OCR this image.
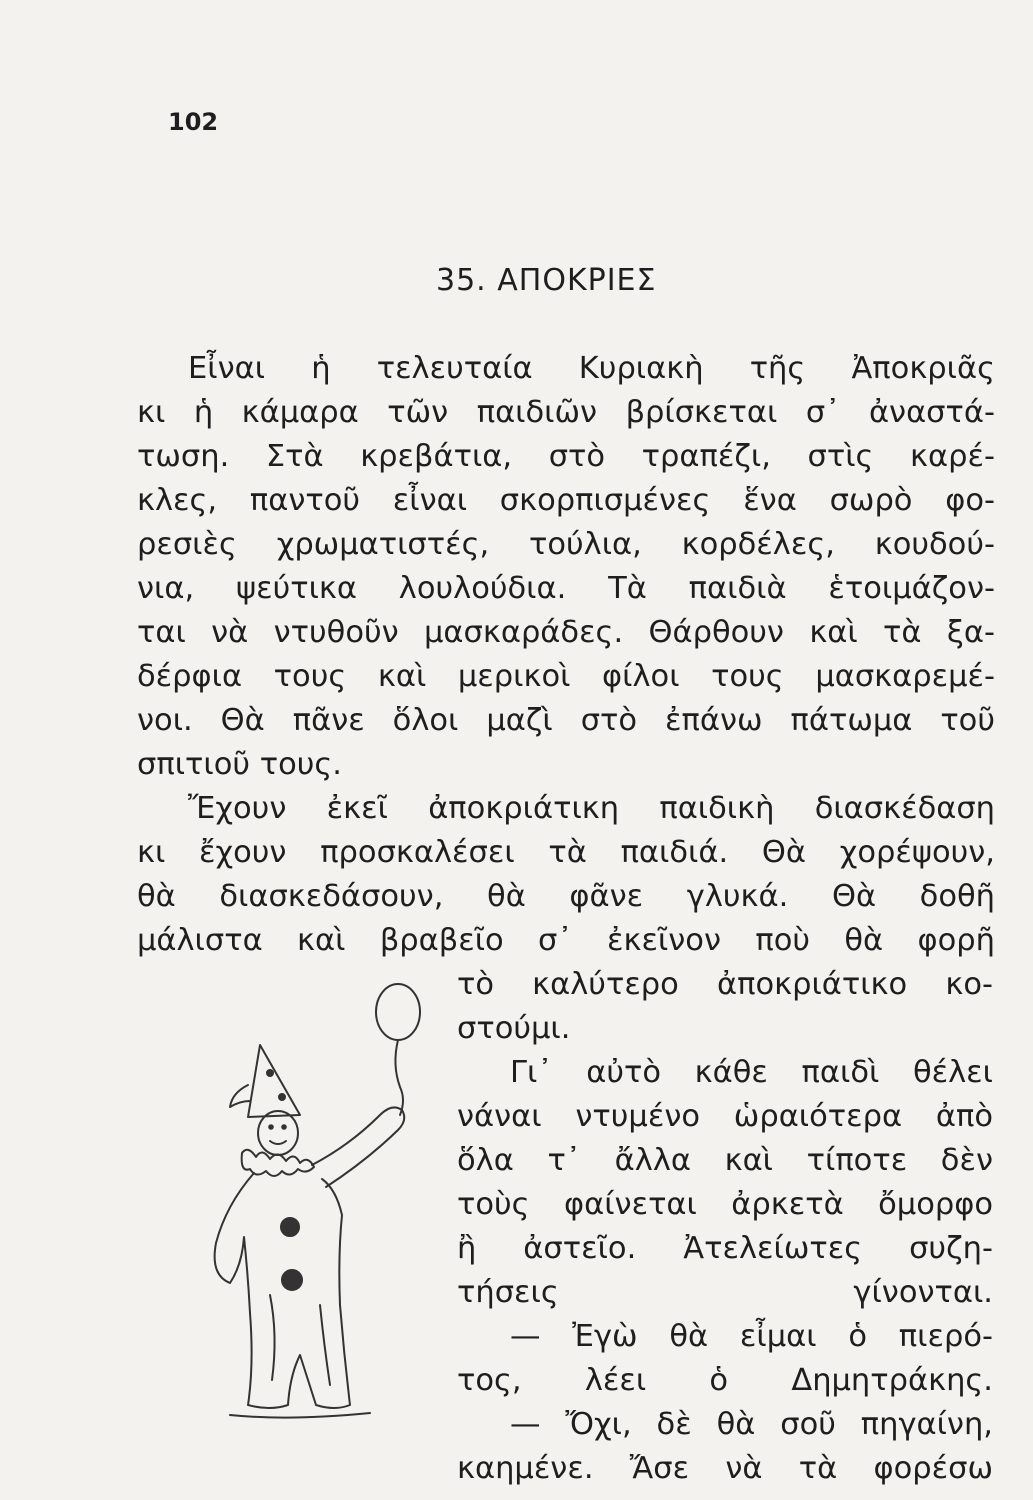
102
35. ΑΠΟΚΡΙΕΣ
Εἶναι ἡ τελευταία Κυριακὴ τῆς Ἀποκριᾶς
κι ἡ κάμαρα τῶν παιδιῶν βρίσκεται σ᾽ ἀναστά-
τωση. Στὰ κρεβάτια, στὸ τραπέζι, στὶς καρέ-
κλες, παντοῦ εἶναι σκορπισμένες ἕνα σωρὸ φο-
ρεσιὲς χρωματιστές, τούλια, κορδέλες, κουδού-
νια, ψεύτικα λουλούδια. Τὰ παιδιὰ ἑτοιμάζον-
ται νὰ ντυθοῦν μασκαράδες. Θάρθουν καὶ τὰ ξα-
δέρφια τους καὶ μερικοὶ φίλοι τους μασκαρεμέ-
νοι. Θὰ πᾶνε ὅλοι μαζὶ στὸ ἐπάνω πάτωμα τοῦ
σπιτιοῦ τους.
Ἔχουν ἐκεῖ ἀποκριάτικη παιδικὴ διασκέδαση
κι ἔχουν προσκαλέσει τὰ παιδιά. Θὰ χορέψουν,
θὰ διασκεδάσουν, θὰ φᾶνε γλυκά. Θὰ δοθῆ
μάλιστα καὶ βραβεῖο σ᾽ ἐκεῖνον ποὺ θὰ φορῆ
τὸ καλύτερο ἀποκριάτικο κο-
στούμι.
Γι᾽ αὐτὸ κάθε παιδὶ θέλει
νάναι ντυμένο ὡραιότερα ἀπὸ
ὅλα τ᾽ ἄλλα καὶ τίποτε δὲν
τοὺς φαίνεται ἀρκετὰ ὄμορφο
ἢ ἀστεῖο. Ἀτελείωτες συζη-
τήσεις γίνονται.
— Ἐγὼ θὰ εἶμαι ὁ πιερό-
τος, λέει ὁ Δημητράκης.
— Ὄχι, δὲ θὰ σοῦ πηγαίνη,
καημένε. Ἄσε νὰ τὰ φορέσω
